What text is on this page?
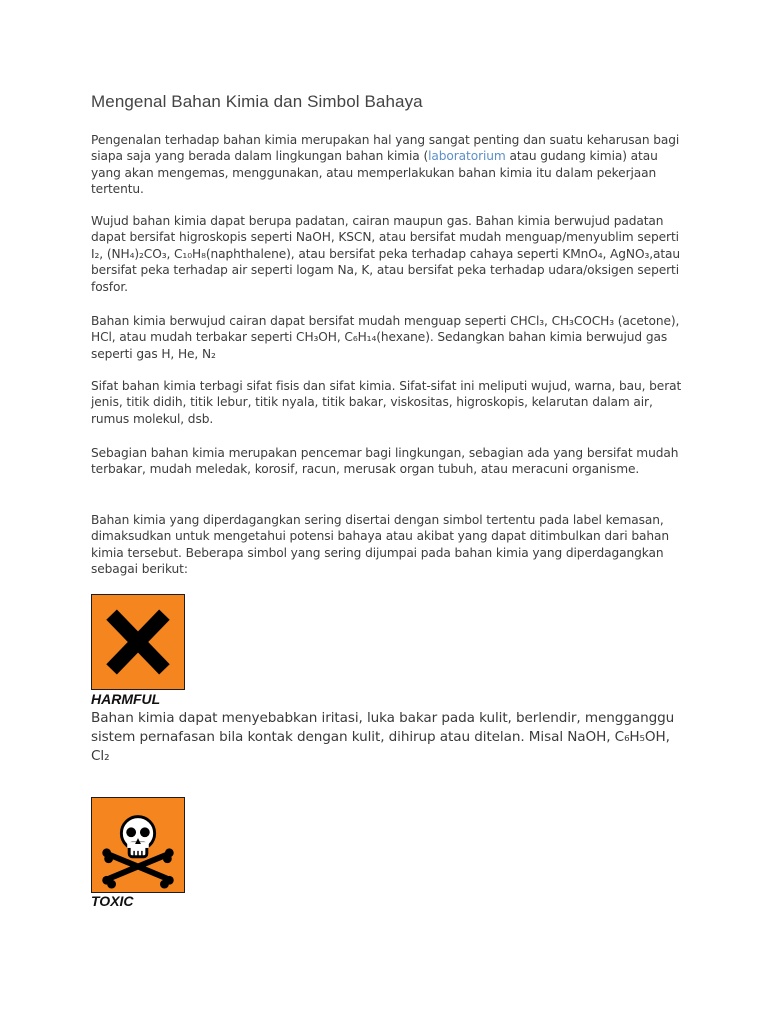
Mengenal Bahan Kimia dan Simbol Bahaya

Pengenalan terhadap bahan kimia merupakan hal yang sangat penting dan suatu keharusan bagi siapa saja yang berada dalam lingkungan bahan kimia (laboratorium atau gudang kimia) atau yang akan mengemas, menggunakan, atau memperlakukan bahan kimia itu dalam pekerjaan tertentu.

Wujud bahan kimia dapat berupa padatan, cairan maupun gas. Bahan kimia berwujud padatan dapat bersifat higroskopis seperti NaOH, KSCN, atau bersifat mudah menguap/menyublim seperti I₂, (NH₄)₂CO₃, C₁₀H₈(naphthalene), atau bersifat peka terhadap cahaya seperti KMnO₄, AgNO₃,atau bersifat peka terhadap air seperti logam Na, K, atau bersifat peka terhadap udara/oksigen seperti fosfor.

Bahan kimia berwujud cairan dapat bersifat mudah menguap seperti CHCl₃, CH₃COCH₃ (acetone), HCl, atau mudah terbakar seperti CH₃OH, C₆H₁₄(hexane). Sedangkan bahan kimia berwujud gas seperti gas H, He, N₂

Sifat bahan kimia terbagi sifat fisis dan sifat kimia. Sifat-sifat ini meliputi wujud, warna, bau, berat jenis, titik didih, titik lebur, titik nyala, titik bakar, viskositas, higroskopis, kelarutan dalam air, rumus molekul, dsb.

Sebagian bahan kimia merupakan pencemar bagi lingkungan, sebagian ada yang bersifat mudah terbakar, mudah meledak, korosif, racun, merusak organ tubuh, atau meracuni organisme.

Bahan kimia yang diperdagangkan sering disertai dengan simbol tertentu pada label kemasan, dimaksudkan untuk mengetahui potensi bahaya atau akibat yang dapat ditimbulkan dari bahan kimia tersebut. Beberapa simbol yang sering dijumpai pada bahan kimia yang diperdagangkan sebagai berikut:

HARMFUL

Bahan kimia dapat menyebabkan iritasi, luka bakar pada kulit, berlendir, mengganggu sistem pernafasan bila kontak dengan kulit, dihirup atau ditelan. Misal NaOH, C₆H₅OH, Cl₂

TOXIC
